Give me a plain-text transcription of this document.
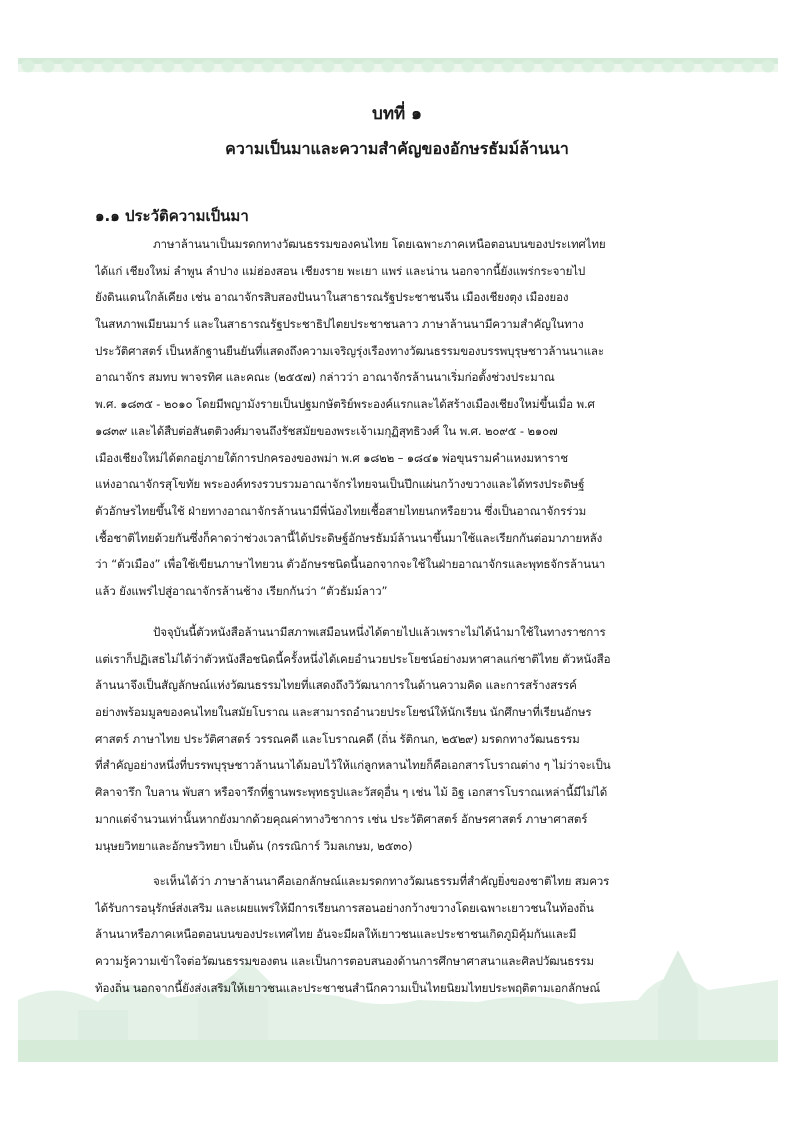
บทที่ ๑
ความเป็นมาและความสำคัญของอักษรธัมม์ล้านนา
๑.๑ ประวัติความเป็นมา
ภาษาล้านนาเป็นมรดกทางวัฒนธรรมของคนไทย โดยเฉพาะภาคเหนือตอนบนของประเทศไทย
ได้แก่ เชียงใหม่ ลำพูน ลำปาง แม่ฮ่องสอน เชียงราย พะเยา แพร่ และน่าน นอกจากนี้ยังแพร่กระจายไป
ยังดินแดนใกล้เคียง เช่น อาณาจักรสิบสองปันนาในสาธารณรัฐประชาชนจีน เมืองเชียงตุง เมืองยอง
ในสหภาพเมียนมาร์ และในสาธารณรัฐประชาธิปไตยประชาชนลาว ภาษาล้านนามีความสำคัญในทาง
ประวัติศาสตร์ เป็นหลักฐานยืนยันที่แสดงถึงความเจริญรุ่งเรืองทางวัฒนธรรมของบรรพบุรุษชาวล้านนาและ
อาณาจักร สมทบ พาจรทิศ และคณะ (๒๕๕๗) กล่าวว่า อาณาจักรล้านนาเริ่มก่อตั้งช่วงประมาณ
พ.ศ. ๑๘๓๕ - ๒๐๑๐ โดยมีพญามังรายเป็นปฐมกษัตริย์พระองค์แรกและได้สร้างเมืองเชียงใหม่ขึ้นเมื่อ พ.ศ
๑๘๓๙ และได้สืบต่อสันตติวงศ์มาจนถึงรัชสมัยของพระเจ้าเมกุฏิสุทธิวงศ์ ใน พ.ศ. ๒๐๙๕ - ๒๑๐๗
เมืองเชียงใหม่ได้ตกอยู่ภายใต้การปกครองของพม่า พ.ศ ๑๘๒๒ – ๑๘๔๑ พ่อขุนรามคำแหงมหาราช
แห่งอาณาจักรสุโขทัย พระองค์ทรงรวบรวมอาณาจักรไทยจนเป็นปึกแผ่นกว้างขวางและได้ทรงประดิษฐ์
ตัวอักษรไทยขึ้นใช้ ฝ่ายทางอาณาจักรล้านนามีพี่น้องไทยเชื้อสายไทยนกหรือยวน ซึ่งเป็นอาณาจักรร่วม
เชื้อชาติไทยด้วยกันซึ่งก็คาดว่าช่วงเวลานี้ได้ประดิษฐ์อักษรธัมม์ล้านนาขึ้นมาใช้และเรียกกันต่อมาภายหลัง
ว่า “ตัวเมือง” เพื่อใช้เขียนภาษาไทยวน ตัวอักษรชนิดนี้นอกจากจะใช้ในฝ่ายอาณาจักรและพุทธจักรล้านนา
แล้ว ยังแพร่ไปสู่อาณาจักรล้านช้าง เรียกกันว่า “ตัวธัมม์ลาว”
ปัจจุบันนี้ตัวหนังสือล้านนามีสภาพเสมือนหนึ่งได้ตายไปแล้วเพราะไม่ได้นำมาใช้ในทางราชการ
แต่เราก็ปฏิเสธไม่ได้ว่าตัวหนังสือชนิดนี้ครั้งหนึ่งได้เคยอำนวยประโยชน์อย่างมหาศาลแก่ชาติไทย ตัวหนังสือ
ล้านนาจึงเป็นสัญลักษณ์แห่งวัฒนธรรมไทยที่แสดงถึงวิวัฒนาการในด้านความคิด และการสร้างสรรค์
อย่างพร้อมมูลของคนไทยในสมัยโบราณ และสามารถอำนวยประโยชน์ให้นักเรียน นักศึกษาที่เรียนอักษร
ศาสตร์ ภาษาไทย ประวัติศาสตร์ วรรณคดี และโบราณคดี (ถิ่น รัติกนก, ๒๕๒๙) มรดกทางวัฒนธรรม
ที่สำคัญอย่างหนึ่งที่บรรพบุรุษชาวล้านนาได้มอบไว้ให้แก่ลูกหลานไทยก็คือเอกสารโบราณต่าง ๆ ไม่ว่าจะเป็น
ศิลาจารึก ใบลาน พับสา หรือจารึกที่ฐานพระพุทธรูปและวัสดุอื่น ๆ เช่น ไม้ อิฐ เอกสารโบราณเหล่านี้มีไม่ได้
มากแต่จำนวนเท่านั้นหากยังมากด้วยคุณค่าทางวิชาการ เช่น ประวัติศาสตร์ อักษรศาสตร์ ภาษาศาสตร์
มนุษยวิทยาและอักษรวิทยา เป็นต้น (กรรณิการ์ วิมลเกษม, ๒๕๓๐)
จะเห็นได้ว่า ภาษาล้านนาคือเอกลักษณ์และมรดกทางวัฒนธรรมที่สำคัญยิ่งของชาติไทย สมควร
ได้รับการอนุรักษ์ส่งเสริม และเผยแพร่ให้มีการเรียนการสอนอย่างกว้างขวางโดยเฉพาะเยาวชนในท้องถิ่น
ล้านนาหรือภาคเหนือตอนบนของประเทศไทย อันจะมีผลให้เยาวชนและประชาชนเกิดภูมิคุ้มกันและมี
ความรู้ความเข้าใจต่อวัฒนธรรมของตน และเป็นการตอบสนองด้านการศึกษาศาสนาและศิลปวัฒนธรรม
ท้องถิ่น นอกจากนี้ยังส่งเสริมให้เยาวชนและประชาชนสำนึกความเป็นไทยนิยมไทยประพฤติตามเอกลักษณ์
